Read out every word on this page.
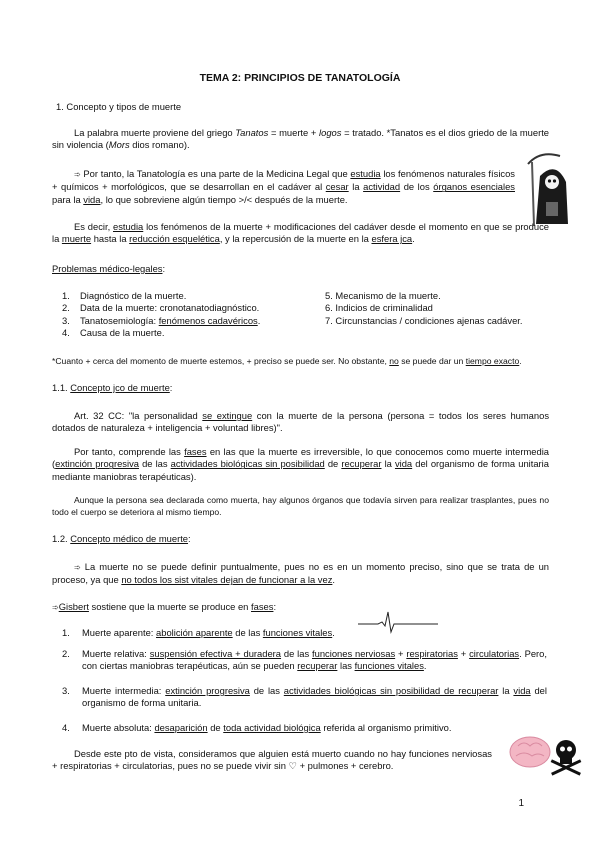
TEMA 2: PRINCIPIOS DE TANATOLOGÍA
1. Concepto y tipos de muerte
La palabra muerte proviene del griego Tanatos = muerte + logos = tratado. *Tanatos es el dios griedo de la muerte sin violencia (Mors dios romano).
➾ Por tanto, la Tanatología es una parte de la Medicina Legal que estudia los fenómenos naturales físicos + químicos + morfológicos, que se desarrollan en el cadáver al cesar la actividad de los órganos esenciales para la vida, lo que sobreviene algún tiempo >/< después de la muerte.
Es decir, estudia los fenómenos de la muerte + modificaciones del cadáver desde el momento en que se produce la muerte hasta la reducción esquelética, y la repercusión de la muerte en la esfera jca.
Problemas médico-legales:
1. Diagnóstico de la muerte.
2. Data de la muerte: cronotanatodiagnóstico.
3. Tanatosemiología: fenómenos cadavéricos.
4. Causa de la muerte.
5. Mecanismo de la muerte.
6. Indicios de criminalidad
7. Circunstancias / condiciones ajenas cadáver.
*Cuanto + cerca del momento de muerte estemos, + preciso se puede ser. No obstante, no se puede dar un tiempo exacto.
1.1. Concepto jco de muerte:
Art. 32 CC: "la personalidad se extingue con la muerte de la persona (persona = todos los seres humanos dotados de naturaleza + inteligencia + voluntad libres)".
Por tanto, comprende las fases en las que la muerte es irreversible, lo que conocemos como muerte intermedia (extinción progresiva de las actividades biológicas sin posibilidad de recuperar la vida del organismo de forma unitaria mediante maniobras terapéuticas).
Aunque la persona sea declarada como muerta, hay algunos órganos que todavía sirven para realizar trasplantes, pues no todo el cuerpo se deteriora al mismo tiempo.
1.2. Concepto médico de muerte:
➾ La muerte no se puede definir puntualmente, pues no es en un momento preciso, sino que se trata de un proceso, ya que no todos los sist vitales dejan de funcionar a la vez.
➾Gisbert sostiene que la muerte se produce en fases:
1. Muerte aparente: abolición aparente de las funciones vitales.
2. Muerte relativa: suspensión efectiva + duradera de las funciones nerviosas + respiratorias + circulatorias. Pero, con ciertas maniobras terapéuticas, aún se pueden recuperar las funciones vitales.
3. Muerte intermedia: extinción progresiva de las actividades biológicas sin posibilidad de recuperar la vida del organismo de forma unitaria.
4. Muerte absoluta: desaparición de toda actividad biológica referida al organismo primitivo.
Desde este pto de vista, consideramos que alguien está muerto cuando no hay funciones nerviosas + respiratorias + circulatorias, pues no se puede vivir sin ♡ + pulmones + cerebro.
1
